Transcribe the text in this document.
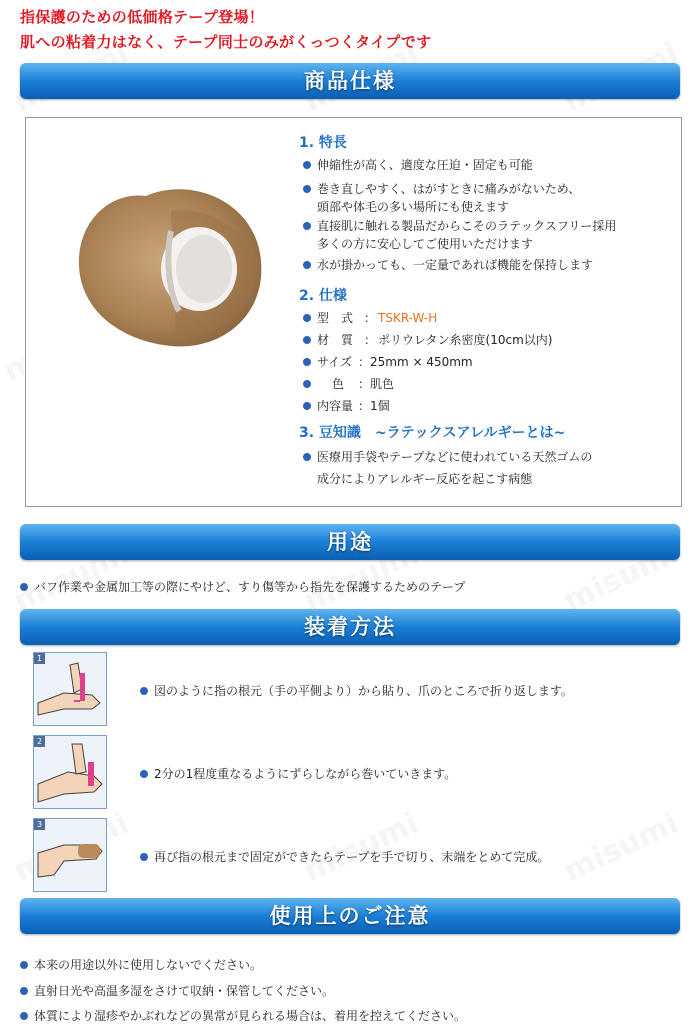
指保護のための低価格テープ登場！
肌への粘着力はなく、テープ同士のみがくっつくタイプです
商品仕様
1. 特長
伸縮性が高く、適度な圧迫・固定も可能
巻き直しやすく、はがすときに痛みがないため、
頭部や体毛の多い場所にも使えます
直接肌に触れる製品だからこそのラテックスフリー採用
多くの方に安心してご使用いただけます
水が掛かっても、一定量であれば機能を保持します
2. 仕様
型　式 ： TSKR-W-H
材　質 ： ポリウレタン糸密度(10cm以内)
サイズ ： 25mm × 450mm
色 ： 肌色
内容量 ： 1個
3. 豆知識　~ラテックスアレルギーとは~
医療用手袋やテープなどに使われている天然ゴムの
成分によりアレルギー反応を起こす病態
用途
バフ作業や金属加工等の際にやけど、すり傷等から指先を保護するためのテープ
装着方法
1
図のように指の根元（手の平側より）から貼り、爪のところで折り返します。
2
2分の1程度重なるようにずらしながら巻いていきます。
3
再び指の根元まで固定ができたらテープを手で切り、末端をとめて完成。
使用上のご注意
本来の用途以外に使用しないでください。
直射日光や高温多湿をさけて収納・保管してください。
体質により湿疹やかぶれなどの異常が見られる場合は、着用を控えてください。
